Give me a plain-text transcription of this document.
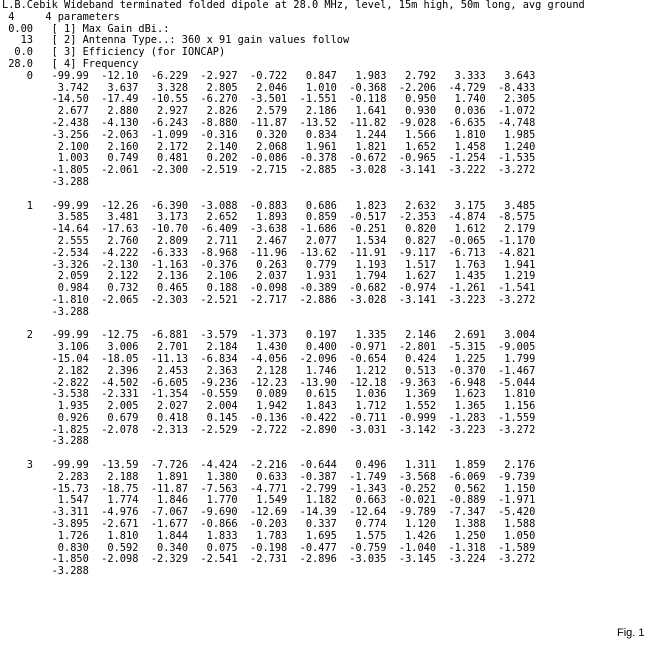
L.B.Cebik Wideband terminated folded dipole at 28.0 MHz, level, 15m high, 50m long, avg ground
4     4 parameters
0.00 [ 1] Max Gain dBi.:
13 [ 2] Antenna Type..: 360 x 91 gain values follow
0.0 [ 3] Efficiency (for IONCAP)
28.0 [ 4] Frequency
0   -99.99  -12.10  -6.229  -2.927  -0.722   0.847   1.983   2.792   3.333   3.643
3.742   3.637   3.328   2.805   2.046   1.010  -0.368  -2.206  -4.729  -8.433
-14.50  -17.49  -10.55  -6.270  -3.501  -1.551  -0.118   0.950   1.740   2.305
2.677   2.880   2.927   2.826   2.579   2.186   1.641   0.930   0.036  -1.072
-2.438  -4.130  -6.243  -8.880  -11.87  -13.52  -11.82  -9.028  -6.635  -4.748
-3.256  -2.063  -1.099  -0.316   0.320   0.834   1.244   1.566   1.810   1.985
2.100   2.160   2.172   2.140   2.068   1.961   1.821   1.652   1.458   1.240
1.003   0.749   0.481   0.202  -0.086  -0.378  -0.672  -0.965  -1.254  -1.535
-1.805  -2.061  -2.300  -2.519  -2.715  -2.885  -3.028  -3.141  -3.222  -3.272
-3.288

1   -99.99  -12.26  -6.390  -3.088  -0.883   0.686   1.823   2.632   3.175   3.485
3.585   3.481   3.173   2.652   1.893   0.859  -0.517  -2.353  -4.874  -8.575
-14.64  -17.63  -10.70  -6.409  -3.638  -1.686  -0.251   0.820   1.612   2.179
2.555   2.760   2.809   2.711   2.467   2.077   1.534   0.827  -0.065  -1.170
-2.534  -4.222  -6.333  -8.968  -11.96  -13.62  -11.91  -9.117  -6.713  -4.821
-3.326  -2.130  -1.163  -0.376   0.263   0.779   1.193   1.517   1.763   1.941
2.059   2.122   2.136   2.106   2.037   1.931   1.794   1.627   1.435   1.219
0.984   0.732   0.465   0.188  -0.098  -0.389  -0.682  -0.974  -1.261  -1.541
-1.810  -2.065  -2.303  -2.521  -2.717  -2.886  -3.028  -3.141  -3.223  -3.272
-3.288

2   -99.99  -12.75  -6.881  -3.579  -1.373   0.197   1.335   2.146   2.691   3.004
3.106   3.006   2.701   2.184   1.430   0.400  -0.971  -2.801  -5.315  -9.005
-15.04  -18.05  -11.13  -6.834  -4.056  -2.096  -0.654   0.424   1.225   1.799
2.182   2.396   2.453   2.363   2.128   1.746   1.212   0.513  -0.370  -1.467
-2.822  -4.502  -6.605  -9.236  -12.23  -13.90  -12.18  -9.363  -6.948  -5.044
-3.538  -2.331  -1.354  -0.559   0.089   0.615   1.036   1.369   1.623   1.810
1.935   2.005   2.027   2.004   1.942   1.843   1.712   1.552   1.365   1.156
0.926   0.679   0.418   0.145  -0.136  -0.422  -0.711  -0.999  -1.283  -1.559
-1.825  -2.078  -2.313  -2.529  -2.722  -2.890  -3.031  -3.142  -3.223  -3.272
-3.288

3   -99.99  -13.59  -7.726  -4.424  -2.216  -0.644   0.496   1.311   1.859   2.176
2.283   2.188   1.891   1.380   0.633  -0.387  -1.749  -3.568  -6.069  -9.739
-15.73  -18.75  -11.87  -7.563  -4.771  -2.799  -1.343  -0.252   0.562   1.150
1.547   1.774   1.846   1.770   1.549   1.182   0.663  -0.021  -0.889  -1.971
-3.311  -4.976  -7.067  -9.690  -12.69  -14.39  -12.64  -9.789  -7.347  -5.420
-3.895  -2.671  -1.677  -0.866  -0.203   0.337   0.774   1.120   1.388   1.588
1.726   1.810   1.844   1.833   1.783   1.695   1.575   1.426   1.250   1.050
0.830   0.592   0.340   0.075  -0.198  -0.477  -0.759  -1.040  -1.318  -1.589
-1.850  -2.098  -2.329  -2.541  -2.731  -2.896  -3.035  -3.145  -3.224  -3.272
-3.288

Fig. 1
